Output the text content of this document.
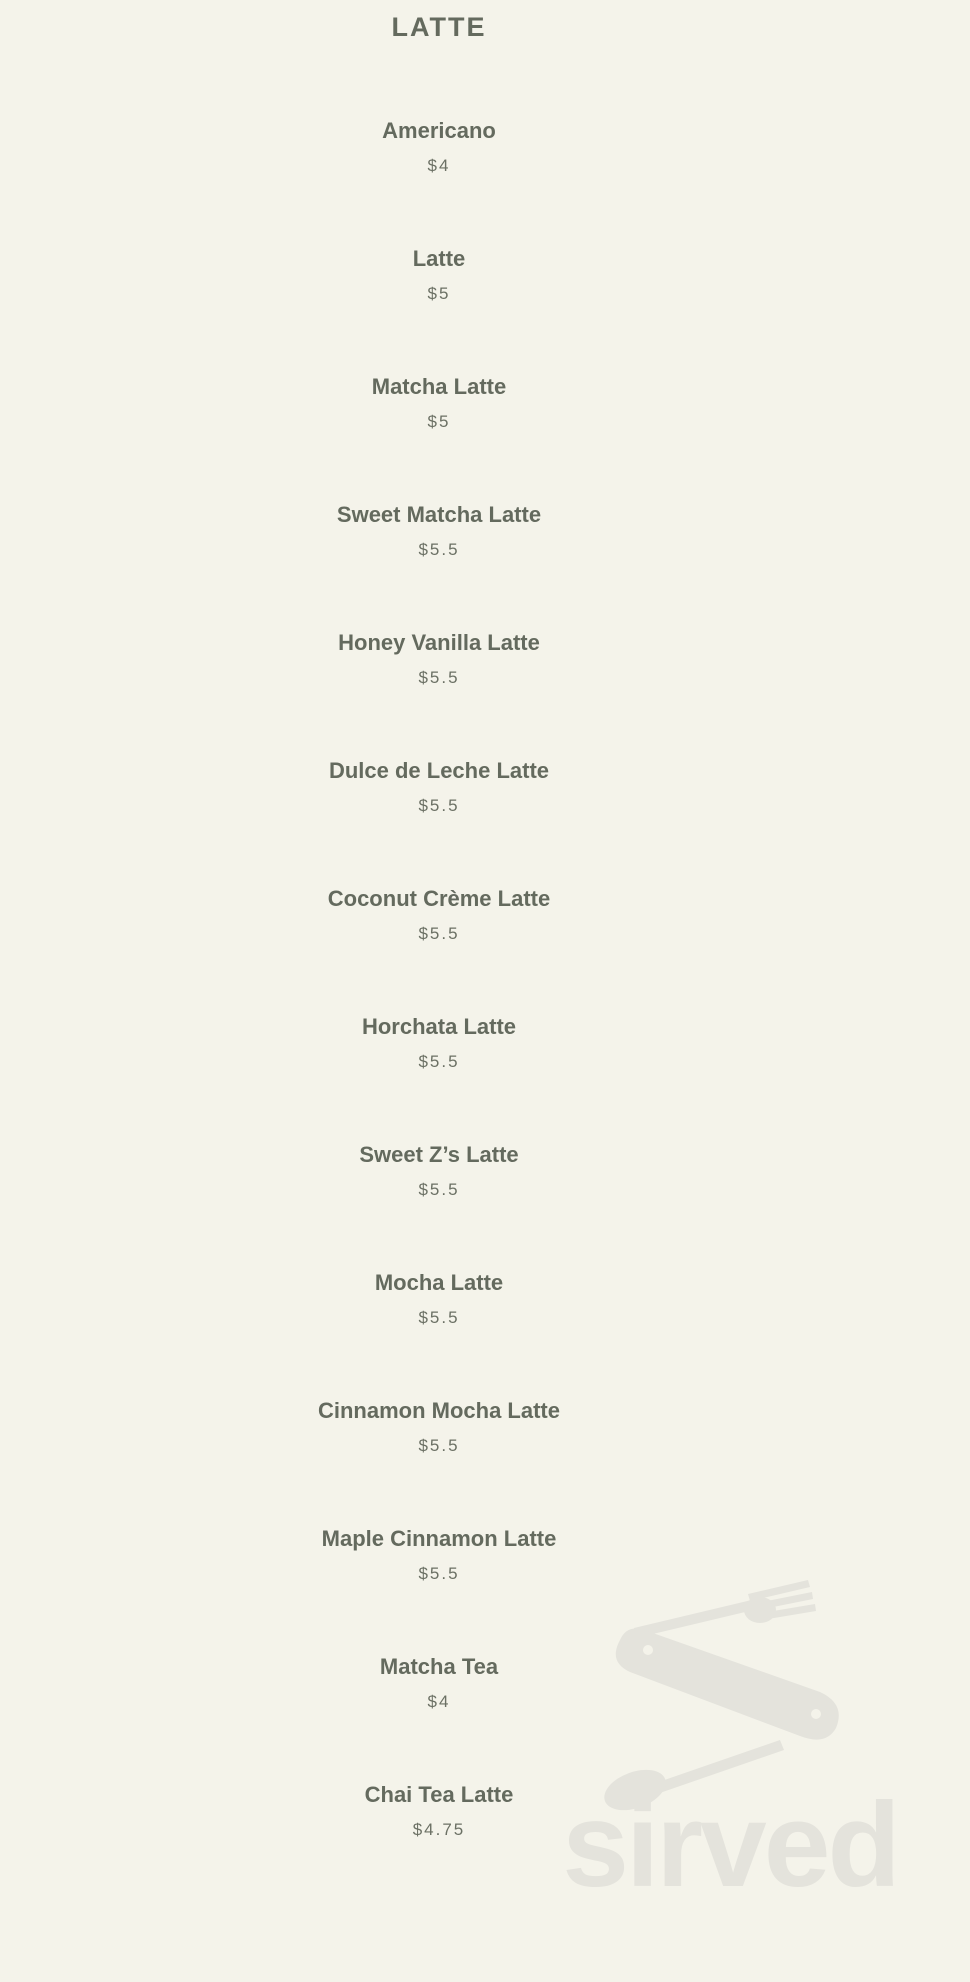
LATTE
Americano
$4
Latte
$5
Matcha Latte
$5
Sweet Matcha Latte
$5.5
Honey Vanilla Latte
$5.5
Dulce de Leche Latte
$5.5
Coconut Crème Latte
$5.5
Horchata Latte
$5.5
Sweet Z’s Latte
$5.5
Mocha Latte
$5.5
Cinnamon Mocha Latte
$5.5
Maple Cinnamon Latte
$5.5
Matcha Tea
$4
Chai Tea Latte
$4.75 sirved
